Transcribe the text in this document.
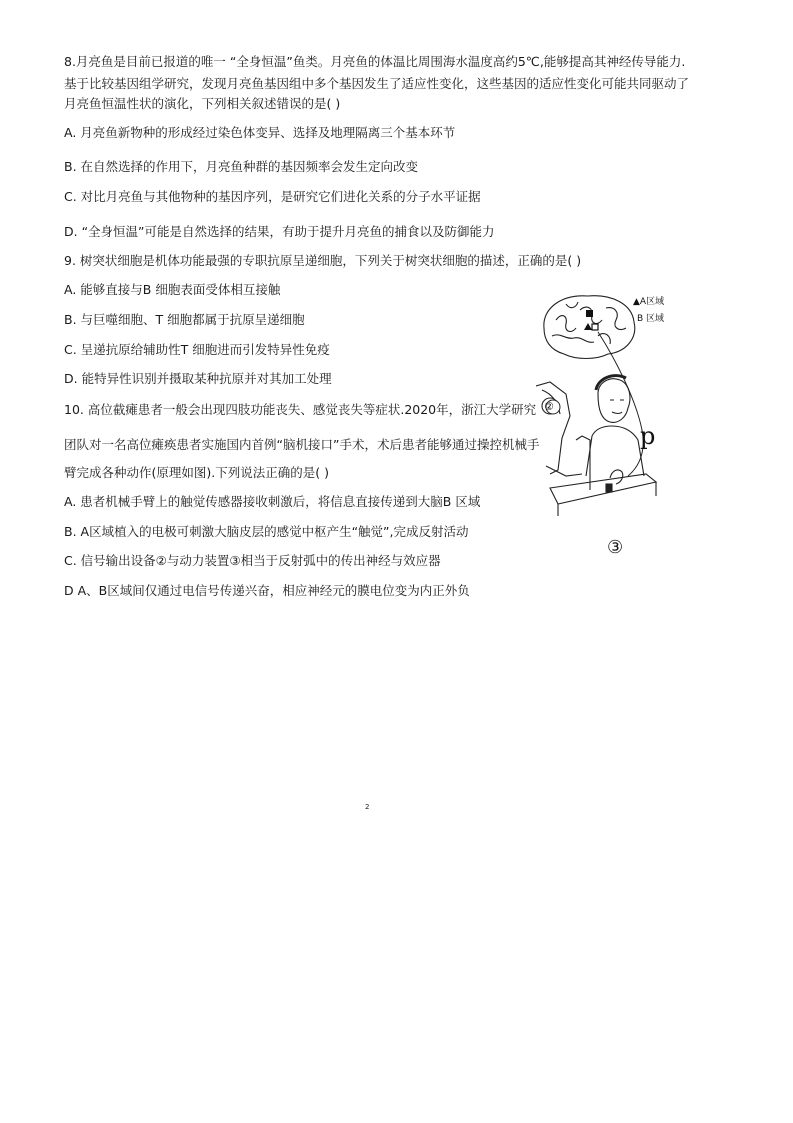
8.月亮鱼是目前已报道的唯一 “全身恒温”鱼类。月亮鱼的体温比周围海水温度高约5℃,能够提高其神经传导能力.
基于比较基因组学研究，发现月亮鱼基因组中多个基因发生了适应性变化，这些基因的适应性变化可能共同驱动了
月亮鱼恒温性状的演化，下列相关叙述错误的是( )
A. 月亮鱼新物种的形成经过染色体变异、选择及地理隔离三个基本环节
B. 在自然选择的作用下，月亮鱼种群的基因频率会发生定向改变
C. 对比月亮鱼与其他物种的基因序列，是研究它们进化关系的分子水平证据
D. “全身恒温”可能是自然选择的结果，有助于提升月亮鱼的捕食以及防御能力
9. 树突状细胞是机体功能最强的专职抗原呈递细胞，下列关于树突状细胞的描述，正确的是( )
A. 能够直接与B 细胞表面受体相互接触
B. 与巨噬细胞、T 细胞都属于抗原呈递细胞
C. 呈递抗原给辅助性T 细胞进而引发特异性免疫
D. 能特异性识别并摄取某种抗原并对其加工处理
10. 高位截瘫患者一般会出现四肢功能丧失、感觉丧失等症状.2020年，浙江大学研究
团队对一名高位瘫痪患者实施国内首例“脑机接口”手术，术后患者能够通过操控机械手
臂完成各种动作(原理如图).下列说法正确的是( )
A. 患者机械手臂上的触觉传感器接收刺激后，将信息直接传递到大脑B 区域
B. A区域植入的电极可刺激大脑皮层的感觉中枢产生“触觉”,完成反射活动
C. 信号输出设备②与动力装置③相当于反射弧中的传出神经与效应器
D A、B区域间仅通过电信号传递兴奋，相应神经元的膜电位变为内正外负
▲A区域
B 区域
②
p
③
2
